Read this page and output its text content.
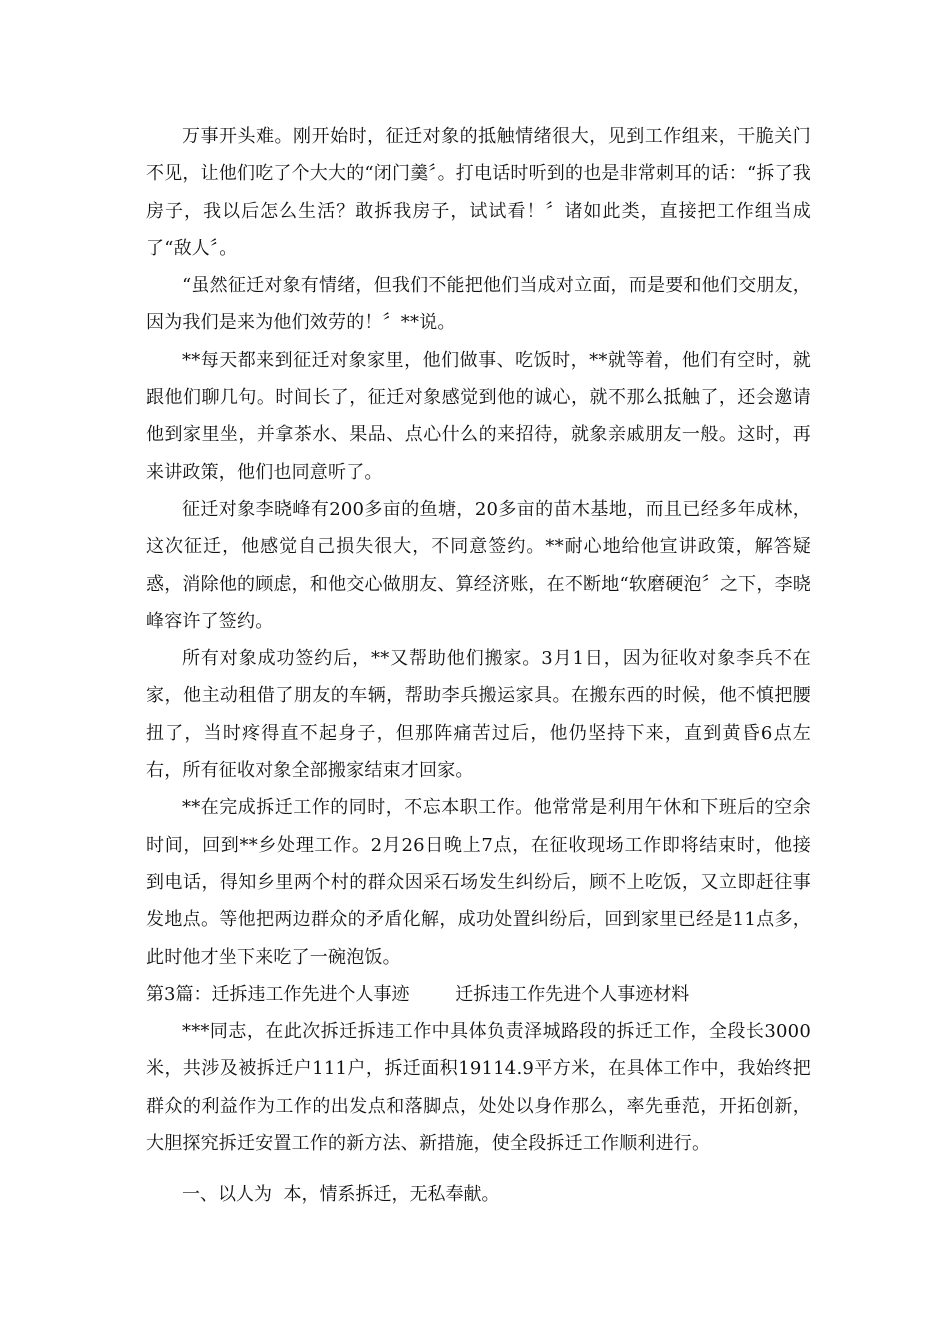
万事开头难。刚开始时，征迁对象的抵触情绪很大，见到工作组来，干脆关门不见，让他们吃了个大大的“闭门羹〞。打电话时听到的也是非常刺耳的话：“拆了我房子，我以后怎么生活？敢拆我房子，试试看！〞诸如此类，直接把工作组当成了“敌人〞。

“虽然征迁对象有情绪，但我们不能把他们当成对立面，而是要和他们交朋友，因为我们是来为他们效劳的！〞**说。

**每天都来到征迁对象家里，他们做事、吃饭时，**就等着，他们有空时，就跟他们聊几句。时间长了，征迁对象感觉到他的诚心，就不那么抵触了，还会邀请他到家里坐，并拿茶水、果品、点心什么的来招待，就象亲戚朋友一般。这时，再来讲政策，他们也同意听了。

征迁对象李晓峰有200多亩的鱼塘，20多亩的苗木基地，而且已经多年成林，这次征迁，他感觉自己损失很大，不同意签约。**耐心地给他宣讲政策，解答疑惑，消除他的顾虑，和他交心做朋友、算经济账，在不断地“软磨硬泡〞之下，李晓峰容许了签约。

所有对象成功签约后，**又帮助他们搬家。3月1日，因为征收对象李兵不在家，他主动租借了朋友的车辆，帮助李兵搬运家具。在搬东西的时候，他不慎把腰扭了，当时疼得直不起身子，但那阵痛苦过后，他仍坚持下来，直到黄昏6点左右，所有征收对象全部搬家结束才回家。

**在完成拆迁工作的同时，不忘本职工作。他常常是利用午休和下班后的空余时间，回到**乡处理工作。2月26日晚上7点，在征收现场工作即将结束时，他接到电话，得知乡里两个村的群众因采石场发生纠纷后，顾不上吃饭，又立即赶往事发地点。等他把两边群众的矛盾化解，成功处置纠纷后，回到家里已经是11点多，此时他才坐下来吃了一碗泡饭。

第3篇：迁拆违工作先进个人事迹        迁拆违工作先进个人事迹材料

***同志，在此次拆迁拆违工作中具体负责泽城路段的拆迁工作，全段长3000米，共涉及被拆迁户111户，拆迁面积19114.9平方米，在具体工作中，我始终把群众的利益作为工作的出发点和落脚点，处处以身作那么，率先垂范，开拓创新，大胆探究拆迁安置工作的新方法、新措施，使全段拆迁工作顺利进行。

一、以人为  本，情系拆迁，无私奉献。
